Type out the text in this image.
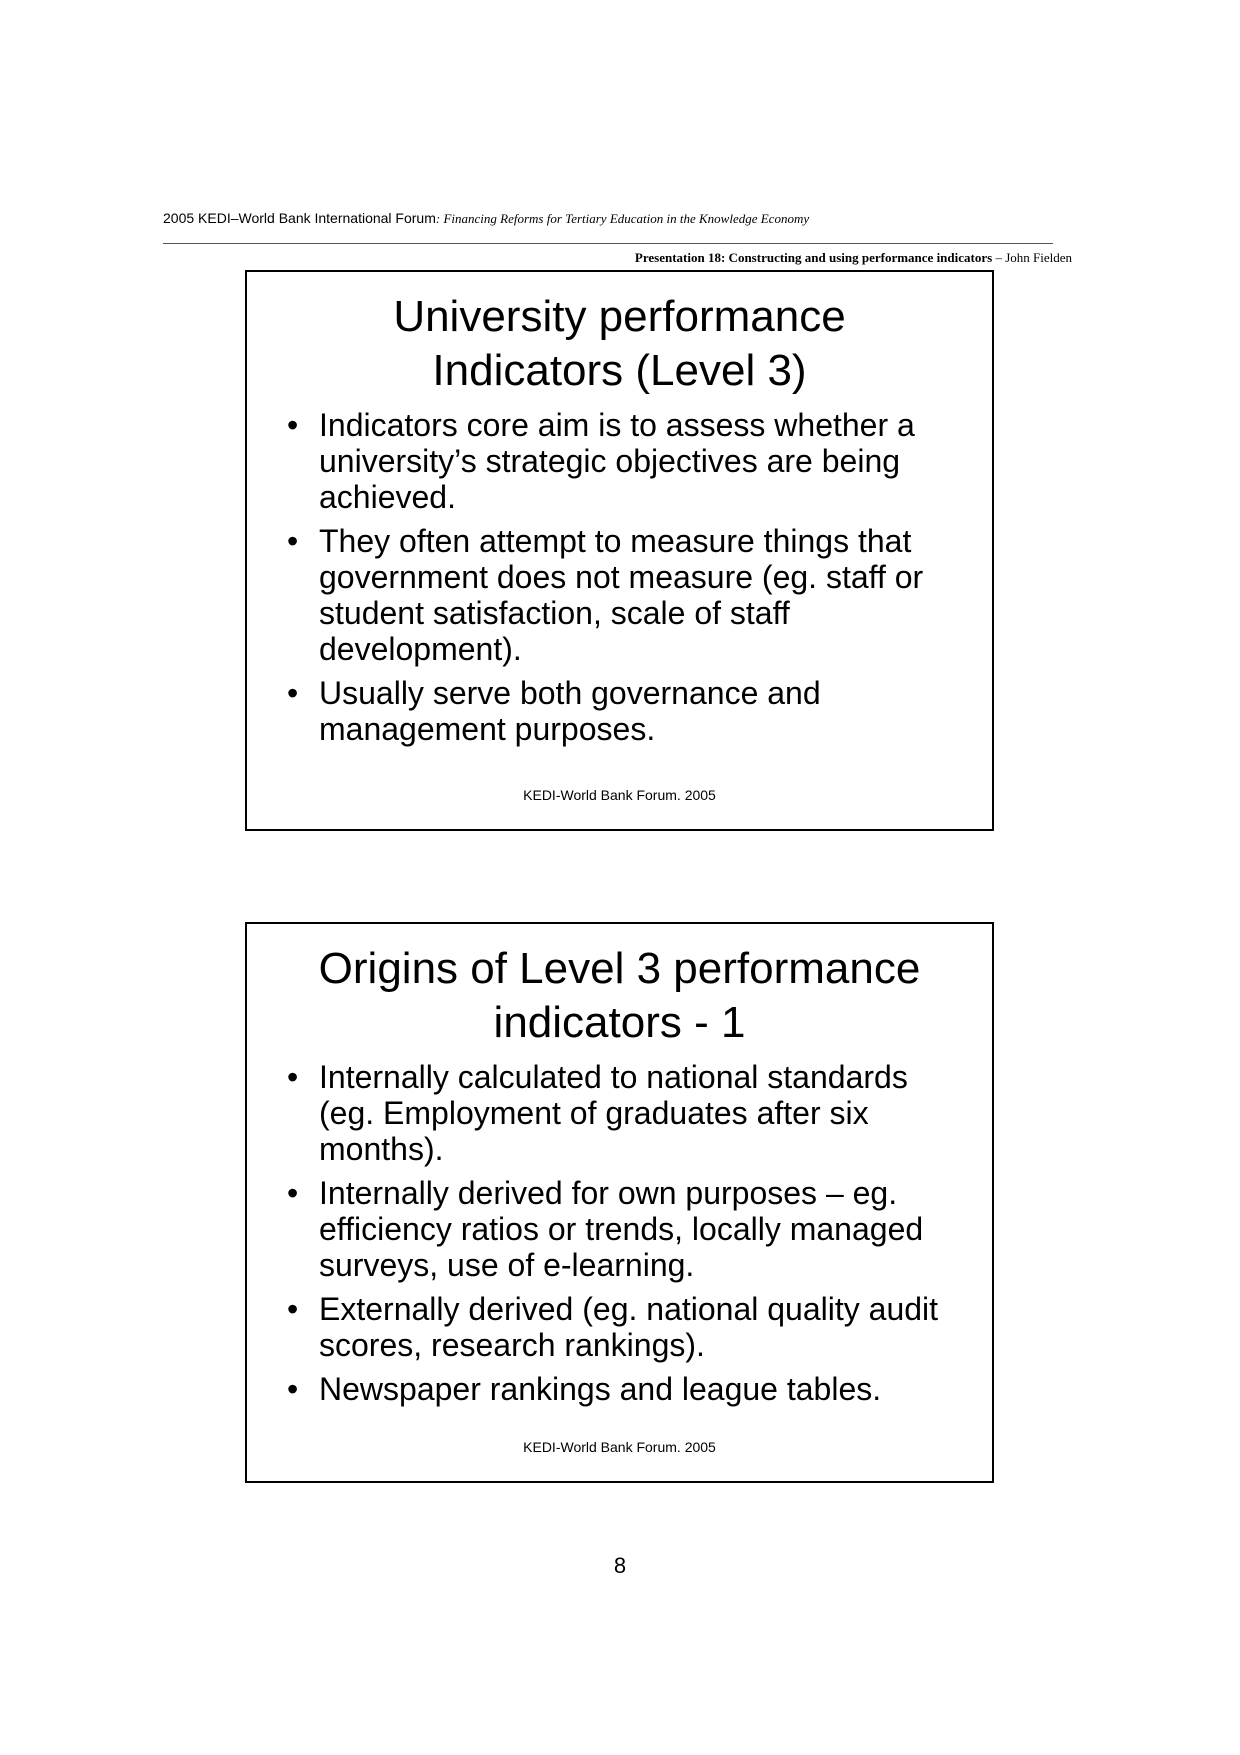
2005 KEDI–World Bank International Forum: Financing Reforms for Tertiary Education in the Knowledge Economy
Presentation 18: Constructing and using performance indicators – John Fielden
University performance
Indicators (Level 3)
• Indicators core aim is to assess whether a university’s strategic objectives are being achieved.
• They often attempt to measure things that government does not measure (eg. staff or student satisfaction, scale of staff development).
• Usually serve both governance and management purposes.
KEDI-World Bank Forum. 2005
Origins of Level 3 performance
indicators - 1
• Internally calculated to national standards (eg. Employment of graduates after six months).
• Internally derived for own purposes – eg. efficiency ratios or trends, locally managed surveys, use of e-learning.
• Externally derived (eg. national quality audit scores, research rankings).
• Newspaper rankings and league tables.
KEDI-World Bank Forum. 2005
8
